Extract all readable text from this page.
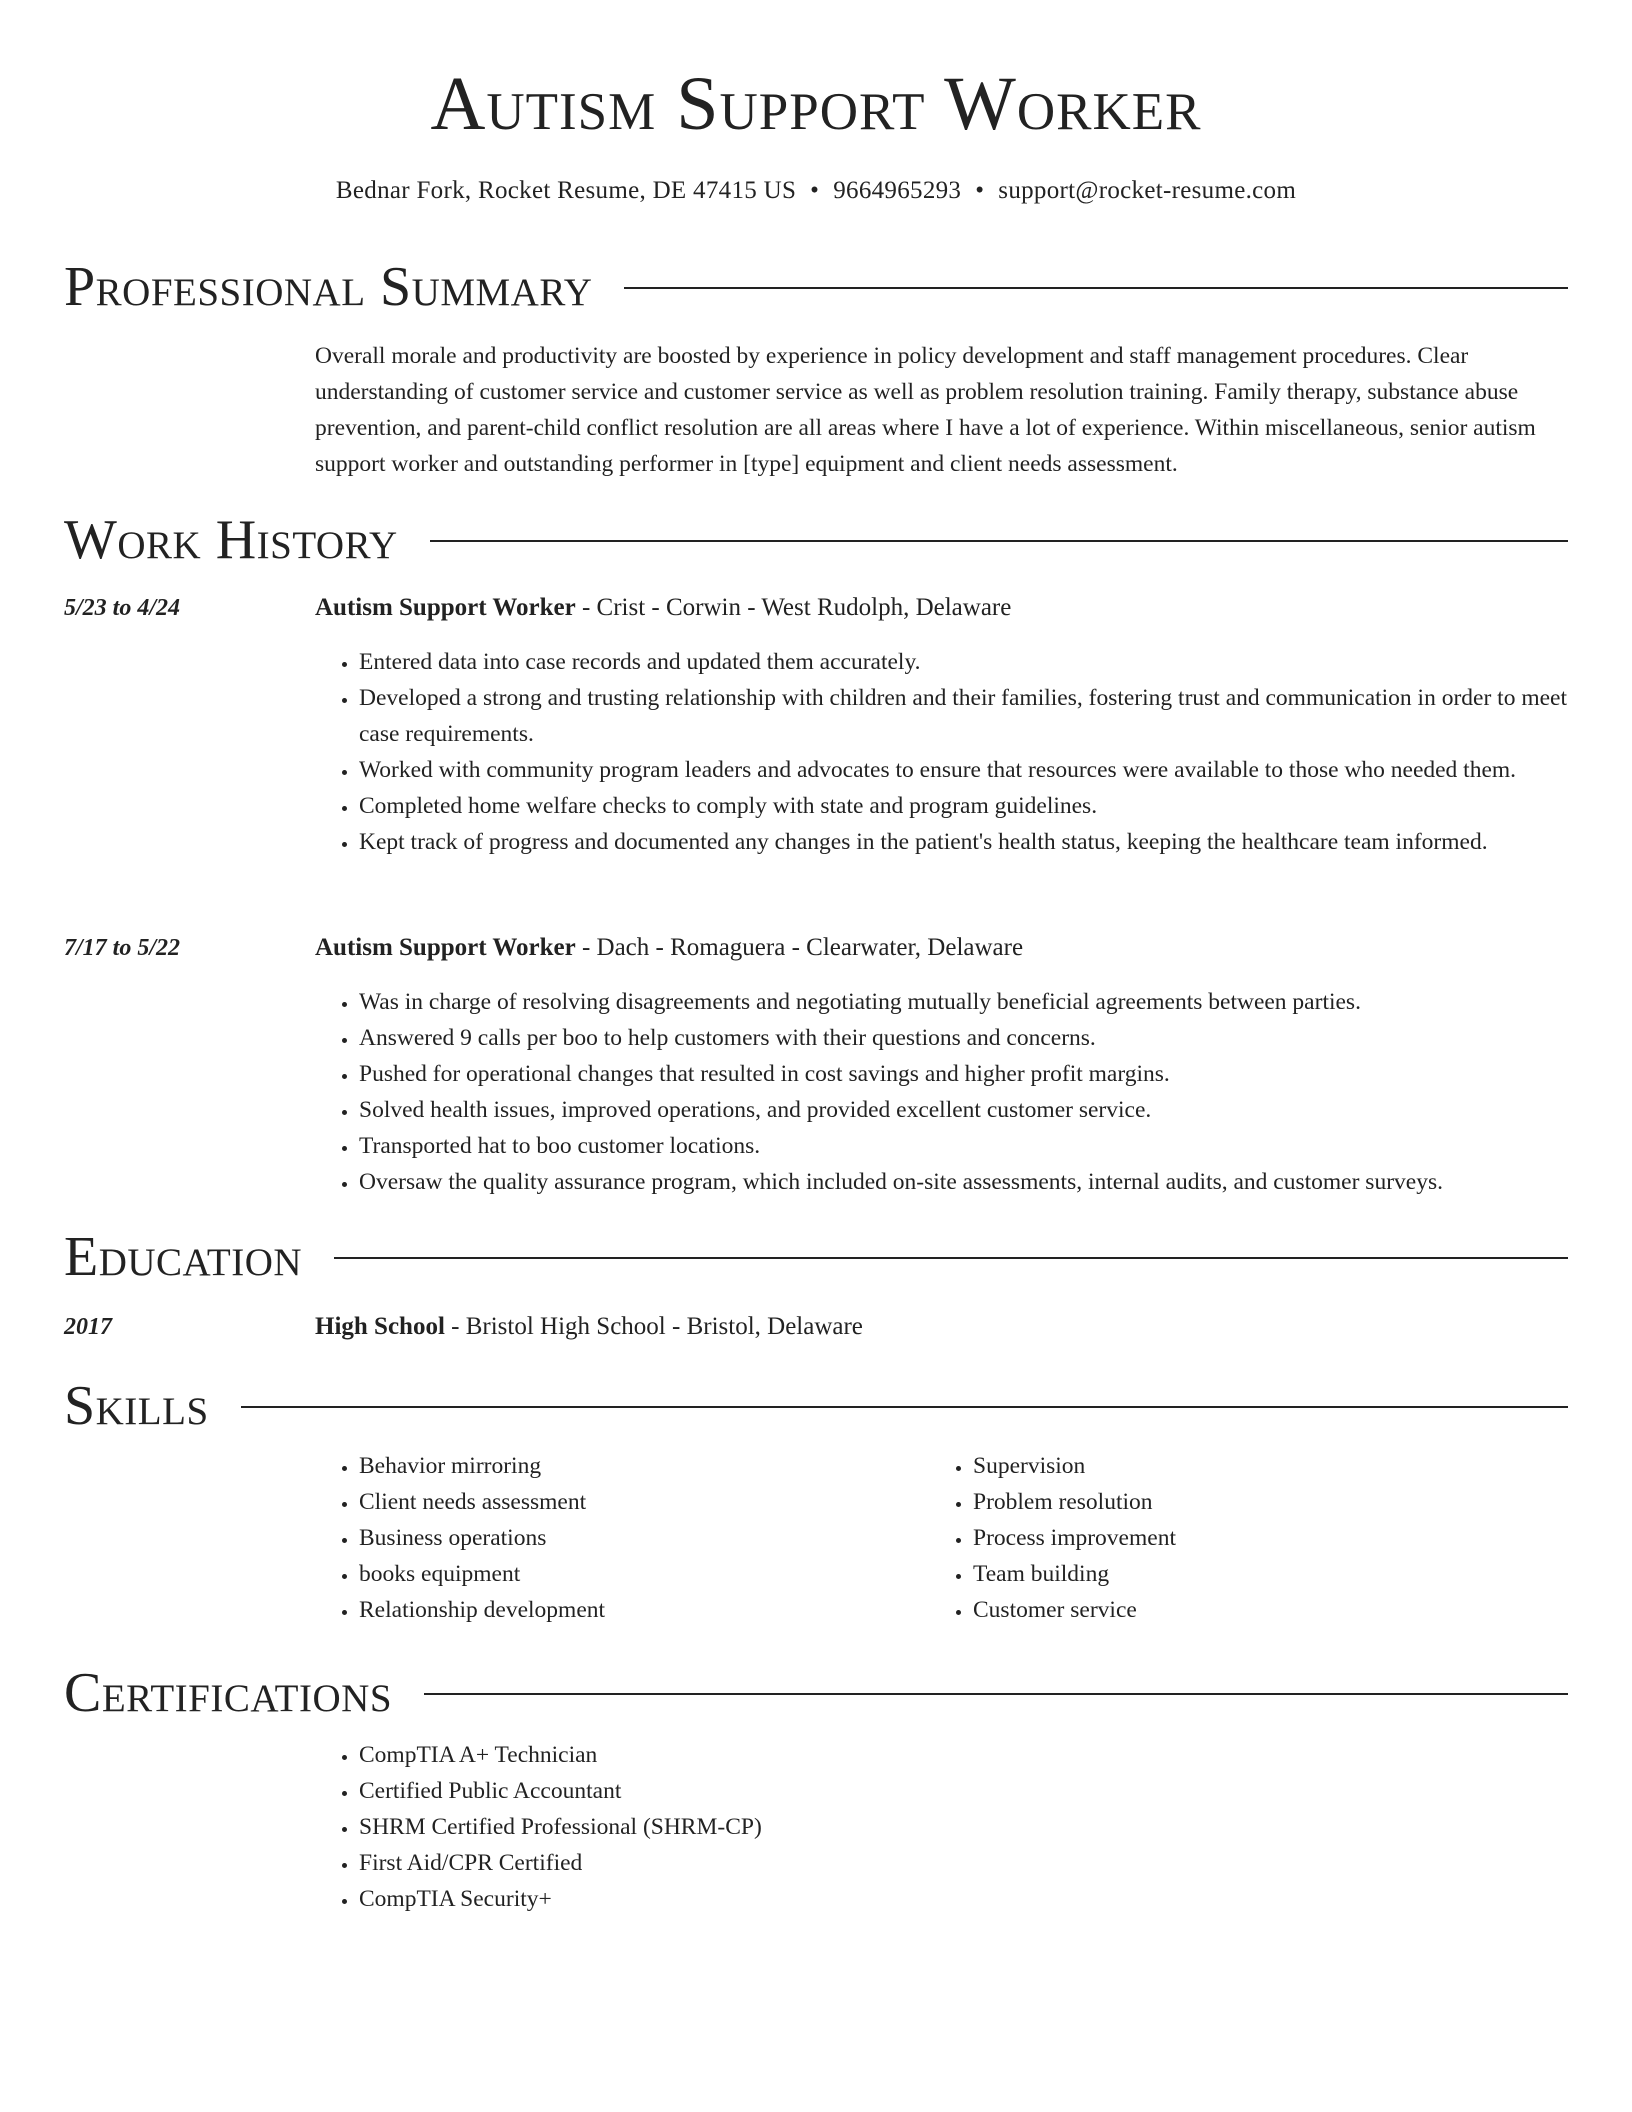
Autism Support Worker
Bednar Fork, Rocket Resume, DE 47415 US • 9664965293 • support@rocket-resume.com
Professional Summary
Overall morale and productivity are boosted by experience in policy development and staff management procedures. Clear understanding of customer service and customer service as well as problem resolution training. Family therapy, substance abuse prevention, and parent-child conflict resolution are all areas where I have a lot of experience. Within miscellaneous, senior autism support worker and outstanding performer in [type] equipment and client needs assessment.
Work History
5/23 to 4/24	Autism Support Worker - Crist - Corwin - West Rudolph, Delaware
• Entered data into case records and updated them accurately.
• Developed a strong and trusting relationship with children and their families, fostering trust and communication in order to meet case requirements.
• Worked with community program leaders and advocates to ensure that resources were available to those who needed them.
• Completed home welfare checks to comply with state and program guidelines.
• Kept track of progress and documented any changes in the patient's health status, keeping the healthcare team informed.
7/17 to 5/22	Autism Support Worker - Dach - Romaguera - Clearwater, Delaware
• Was in charge of resolving disagreements and negotiating mutually beneficial agreements between parties.
• Answered 9 calls per boo to help customers with their questions and concerns.
• Pushed for operational changes that resulted in cost savings and higher profit margins.
• Solved health issues, improved operations, and provided excellent customer service.
• Transported hat to boo customer locations.
• Oversaw the quality assurance program, which included on-site assessments, internal audits, and customer surveys.
Education
2017	High School - Bristol High School - Bristol, Delaware
Skills
• Behavior mirroring
• Client needs assessment
• Business operations
• books equipment
• Relationship development
• Supervision
• Problem resolution
• Process improvement
• Team building
• Customer service
Certifications
• CompTIA A+ Technician
• Certified Public Accountant
• SHRM Certified Professional (SHRM-CP)
• First Aid/CPR Certified
• CompTIA Security+
